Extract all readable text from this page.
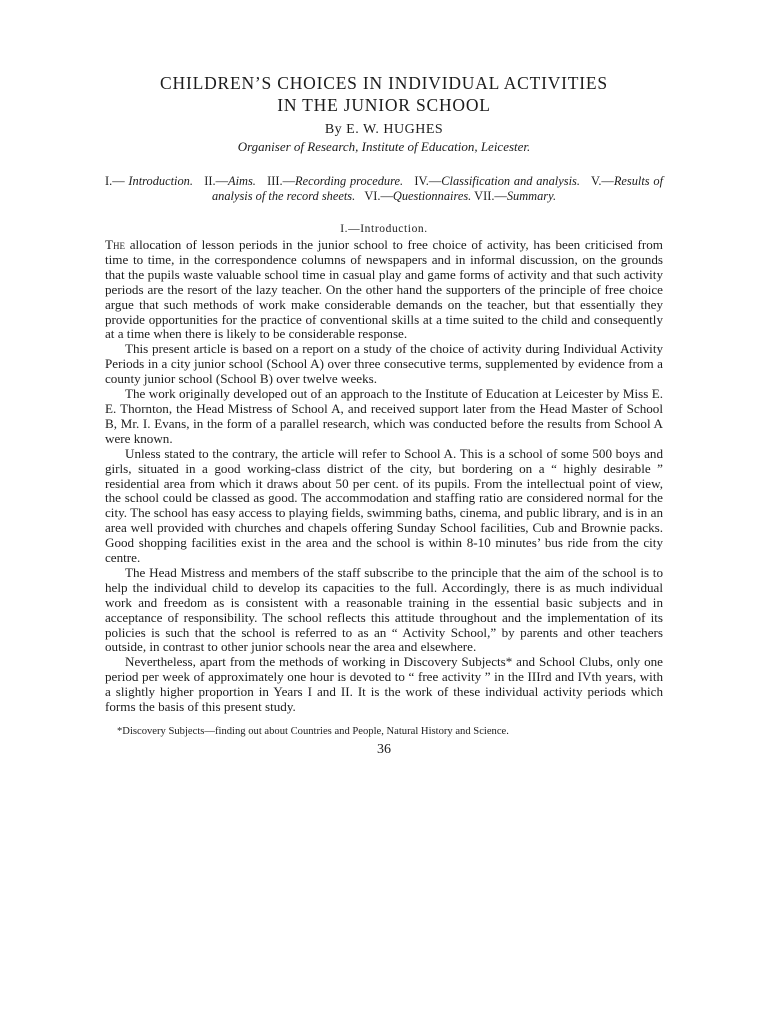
CHILDREN’S CHOICES IN INDIVIDUAL ACTIVITIES
IN THE JUNIOR SCHOOL
By E. W. HUGHES
Organiser of Research, Institute of Education, Leicester.
I.— Introduction. II.—Aims. III.—Recording procedure. IV.—Classification and analysis. V.—Results of analysis of the record sheets. VI.—Questionnaires. VII.—Summary.
I.—Introduction.

The allocation of lesson periods in the junior school to free choice of activity, has been criticised from time to time, in the correspondence columns of newspapers and in informal discussion, on the grounds that the pupils waste valuable school time in casual play and game forms of activity and that such activity periods are the resort of the lazy teacher. On the other hand the supporters of the principle of free choice argue that such methods of work make considerable demands on the teacher, but that essentially they provide opportunities for the practice of conventional skills at a time suited to the child and consequently at a time when there is likely to be considerable response.

This present article is based on a report on a study of the choice of activity during Individual Activity Periods in a city junior school (School A) over three consecutive terms, supplemented by evidence from a county junior school (School B) over twelve weeks.

The work originally developed out of an approach to the Institute of Education at Leicester by Miss E. E. Thornton, the Head Mistress of School A, and received support later from the Head Master of School B, Mr. I. Evans, in the form of a parallel research, which was conducted before the results from School A were known.

Unless stated to the contrary, the article will refer to School A. This is a school of some 500 boys and girls, situated in a good working-class district of the city, but bordering on a “ highly desirable ” residential area from which it draws about 50 per cent. of its pupils. From the intellectual point of view, the school could be classed as good. The accommodation and staffing ratio are considered normal for the city. The school has easy access to playing fields, swimming baths, cinema, and public library, and is in an area well provided with churches and chapels offering Sunday School facilities, Cub and Brownie packs. Good shopping facilities exist in the area and the school is within 8-10 minutes’ bus ride from the city centre.

The Head Mistress and members of the staff subscribe to the principle that the aim of the school is to help the individual child to develop its capacities to the full. Accordingly, there is as much individual work and freedom as is consistent with a reasonable training in the essential basic subjects and in acceptance of responsibility. The school reflects this attitude throughout and the implementation of its policies is such that the school is referred to as an “ Activity School,” by parents and other teachers outside, in contrast to other junior schools near the area and elsewhere.

Nevertheless, apart from the methods of working in Discovery Subjects* and School Clubs, only one period per week of approximately one hour is devoted to “ free activity ” in the IIIrd and IVth years, with a slightly higher proportion in Years I and II. It is the work of these individual activity periods which forms the basis of this present study.

*Discovery Subjects—finding out about Countries and People, Natural History and Science.
36
